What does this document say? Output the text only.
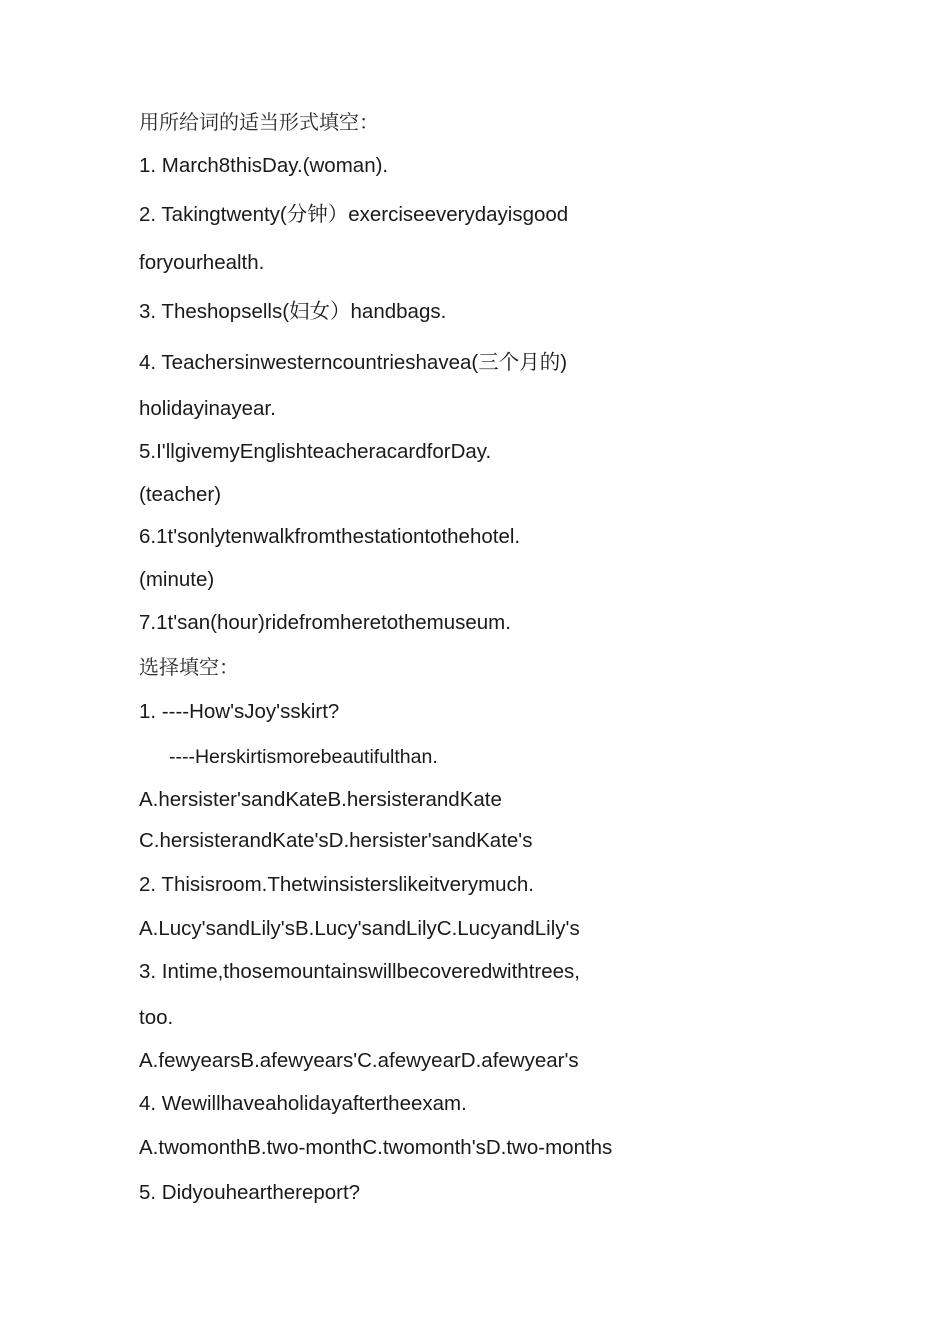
用所给词的适当形式填空：
1. March8thisDay.(woman).
2. Takingtwenty(分钟）exerciseeverydayisgood
foryourhealth.
3. Theshopsells(妇女）handbags.
4. Teachersinwesterncountrieshavea(三个月的)
holidayinayear.
5.I'llgivemyEnglishteacheracardforDay.
(teacher)
6.1t'sonlytenwalkfromthestationtothehotel.
(minute)
7.1t'san(hour)ridefromheretothemuseum.
选择填空：
1. ----How'sJoy'sskirt?
----Herskirtismorebeautifulthan.
A.hersister'sandKateB.hersisterandKate
C.hersisterandKate'sD.hersister'sandKate's
2. Thisisroom.Thetwinsisterslikeitverymuch.
A.Lucy'sandLily'sB.Lucy'sandLilyC.LucyandLily's
3. Intime,thosemountainswillbecoveredwithtrees,
too.
A.fewyearsB.afewyears'C.afewyearD.afewyear's
4. Wewillhaveaholidayaftertheexam.
A.twomonthB.two-monthC.twomonth'sD.two-months
5. Didyouhearthereport?
